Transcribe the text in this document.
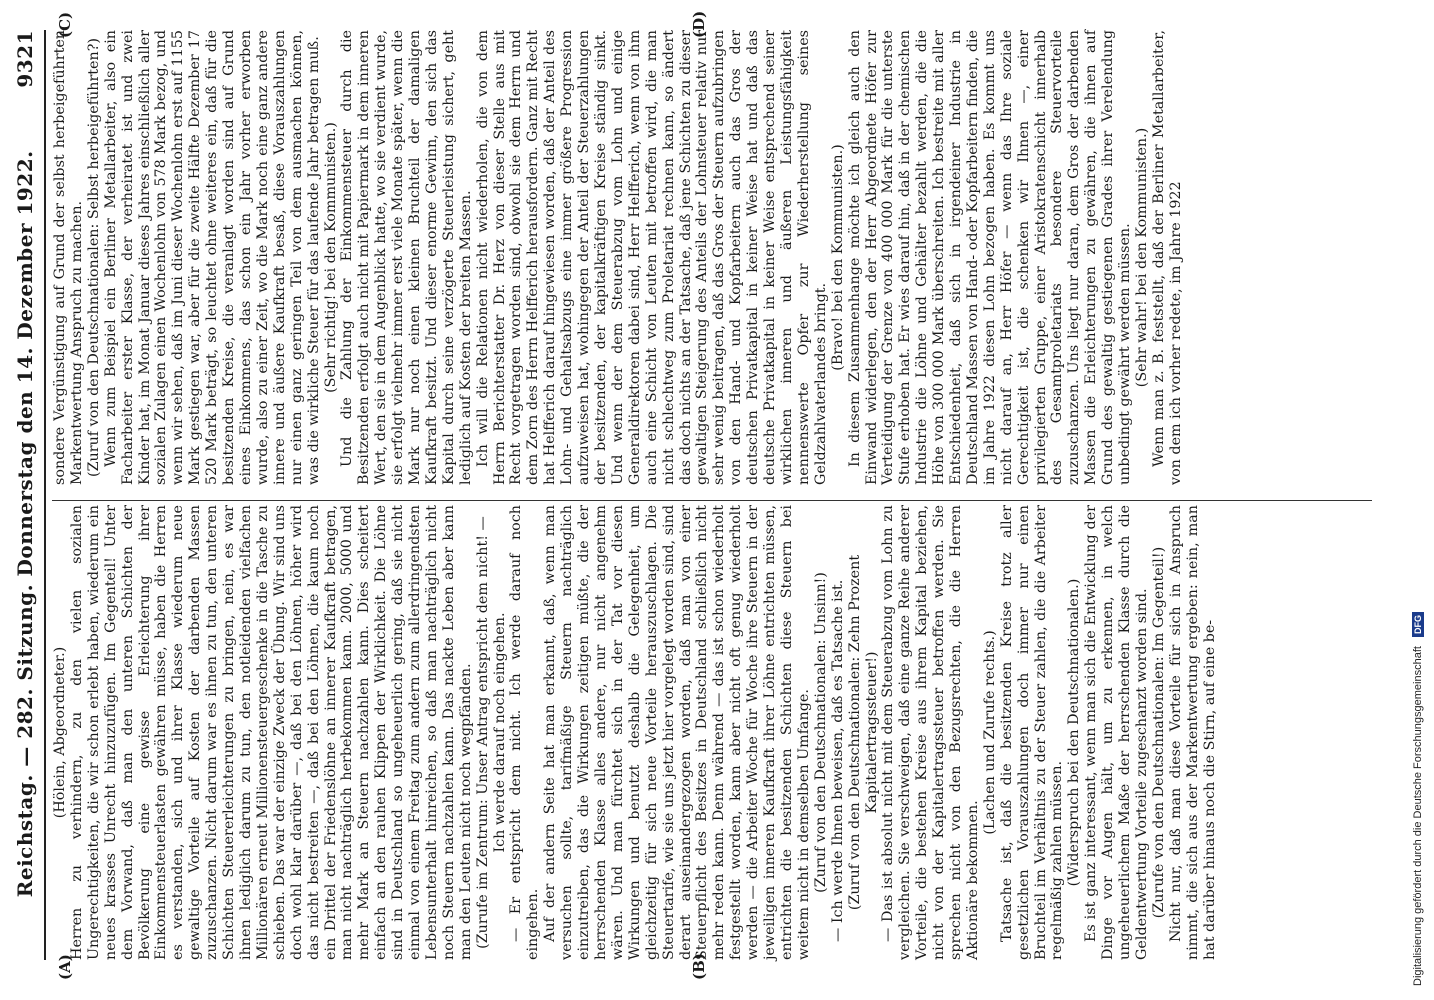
Reichstag. — 282. Sitzung. Donnerstag den 14. Dezember 1922.
9321
(A)	(B)
(C)	(D)

(Hölein, Abgeordneter.) Herren zu verhindern, zu den vielen sozialen Ungerechtigkeiten, die wir schon erlebt haben, wiederum ein neues krasses Unrecht hinzuzufügen. Im Gegenteil! Unter dem Vorwand, daß man den unteren Schichten der Bevölkerung eine gewisse Erleichterung ihrer Einkommensteuerlasten gewähren müsse, haben die Herren es verstanden, sich und ihrer Klasse wiederum neue gewaltige Vorteile auf Kosten der darbenden Massen zuzuschanzen. Nicht darum war es ihnen zu tun, den unteren Schichten Steuererleichterungen zu bringen, nein, es war ihnen lediglich darum zu tun, den notleidenden vielfachen Millionären erneut Millionensteuergeschenke in die Tasche zu schieben. Das war der einzige Zweck der Übung. Wir sind uns doch wohl klar darüber —, daß bei den Löhnen, höher wird das nicht bestreiten —, daß bei den Löhnen, die kaum noch ein Drittel der Friedenslöhne an innerer Kaufkraft betragen, man nicht nachträglich herbekommen kann. 2000, 5000 und mehr Mark an Steuern nachzahlen kann. Dies scheitert einfach an den rauhen Klippen der Wirklichkeit. Die Löhne sind in Deutschland so ungeheuerlich gering, daß sie nicht einmal von einem Freitag zum andern zum allerdringendsten Lebensunterhalt hinreichen, so daß man nachträglich nicht noch Steuern nachzahlen kann. Das nackte Leben aber kann man den Leuten nicht noch wegpfänden. (Zurufe im Zentrum: Unser Antrag entspricht dem nicht! — Ich werde darauf noch eingehen. — Er entspricht dem nicht. Ich werde darauf noch eingehen. Auf der andern Seite hat man erkannt, daß, wenn man versuchen sollte, tarifmäßige Steuern nachträglich einzutreiben, das die Wirkungen zeitigen müßte, die der herrschenden Klasse alles andere, nur nicht angenehm wären. Und man fürchtet sich in der Tat vor diesen Wirkungen und benutzt deshalb die Gelegenheit, um gleichzeitig für sich neue Vorteile herauszuschlagen. Die Steuertarife, wie sie uns jetzt hier vorgelegt worden sind, sind derart auseinandergezogen worden, daß man von einer Steuerpflicht des Besitzes in Deutschland schließlich nicht mehr reden kann. Denn während — das ist schon wiederholt festgestellt worden, kann aber nicht oft genug wiederholt werden — die Arbeiter Woche für Woche ihre Steuern in der jeweiligen inneren Kaufkraft ihrer Löhne entrichten müssen, entrichten die besitzenden Schichten diese Steuern bei weitem nicht in demselben Umfange. (Zuruf von den Deutschnationalen: Unsinn!) — Ich werde Ihnen beweisen, daß es Tatsache ist. (Zuruf von den Deutschnationalen: Zehn Prozent Kapitalertragssteuer!) — Das ist absolut nicht mit dem Steuerabzug vom Lohn zu vergleichen. Sie verschweigen, daß eine ganze Reihe anderer Vorteile, die bestehen Kreise aus ihrem Kapital beziehen, nicht von der Kapitalertragssteuer betroffen werden. Sie sprechen nicht von den Bezugsrechten, die die Herren Aktionäre bekommen.

(Lachen und Zurufe rechts.) Tatsache ist, daß die besitzenden Kreise trotz aller gesetzlichen Vorauszahlungen doch immer nur einen Bruchteil im Verhältnis zu der Steuer zahlen, die die Arbeiter regelmäßig zahlen müssen. (Widerspruch bei den Deutschnationalen.) Es ist ganz interessant, wenn man sich die Entwicklung der Dinge vor Augen hält, um zu erkennen, in welch ungeheuerlichem Maße der herrschenden Klasse durch die Geldentwertung Vorteile zugeschanzt worden sind. (Zurufe von den Deutschnationalen: Im Gegenteil!) Nicht nur, daß man diese Vorteile für sich in Anspruch nimmt, die sich aus der Markentwertung ergeben: nein, man hat darüber hinaus noch die Stirn, auf eine be-

sondere Vergünstigung auf Grund der selbst herbeigeführten Markentwertung Anspruch zu machen. (Zuruf von den Deutschnationalen: Selbst herbeigeführten?) Wenn zum Beispiel ein Berliner Metallarbeiter, also ein Facharbeiter erster Klasse, der verheiratet ist und zwei Kinder hat, im Monat Januar dieses Jahres einschließlich aller sozialen Zulagen einen Wochenlohn von 578 Mark bezog, und wenn wir sehen, daß im Juni dieser Wochenlohn erst auf 1155 Mark gestiegen war, aber für die zweite Hälfte Dezember 17 520 Mark beträgt, so leuchtet ohne weiteres ein, daß für die besitzenden Kreise, die veranlagt worden sind auf Grund eines Einkommens, das schon ein Jahr vorher erworben wurde, also zu einer Zeit, wo die Mark noch eine ganz andere innere und äußere Kaufkraft besaß, diese Vorauszahlungen nur einen ganz geringen Teil von dem ausmachen können, was die wirkliche Steuer für das laufende Jahr betragen muß. (Sehr richtig! bei den Kommunisten.) Und die Zahlung der Einkommensteuer durch die Besitzenden erfolgt auch nicht mit Papiermark in dem inneren Wert, den sie in dem Augenblick hatte, wo sie verdient wurde, sie erfolgt vielmehr immer erst viele Monate später, wenn die Mark nur noch einen kleinen Bruchteil der damaligen Kaufkraft besitzt. Und dieser enorme Gewinn, den sich das Kapital durch seine verzögerte Steuerleistung sichert, geht lediglich auf Kosten der breiten Massen. Ich will die Relationen nicht wiederholen, die von dem Herrn Berichterstatter Dr. Herz von dieser Stelle aus mit Recht vorgetragen worden sind, obwohl sie dem Herrn und dem Zorn des Herrn Helfferich herausfordern. Ganz mit Recht hat Helfferich darauf hingewiesen worden, daß der Anteil des Lohn- und Gehaltsabzugs eine immer größere Progression aufzuweisen hat, wohingegen der Anteil der Steuerzahlungen der besitzenden, der kapitalkräftigen Kreise ständig sinkt. Und wenn der dem Steuerabzug vom Lohn und einige Generaldirektoren dabei sind, Herr Helfferich, wenn von ihm auch eine Schicht von Leuten mit betroffen wird, die man nicht schlechtweg zum Proletariat rechnen kann, so ändert das doch nichts an der Tatsache, daß jene Schichten zu dieser gewaltigen Steigerung des Anteils der Lohnsteuer relativ nur sehr wenig beitragen, daß das Gros der Steuern aufzubringen von den Hand- und Kopfarbeitern auch das Gros der deutschen Privatkapital in keiner Weise hat und daß das deutsche Privatkapital in keiner Weise entsprechend seiner wirklichen inneren und äußeren Leistungsfähigkeit nennenswerte Opfer zur Wiederherstellung seines Geldzahlvaterlandes bringt.

(Bravo! bei den Kommunisten.) In diesem Zusammenhange möchte ich gleich auch den Einwand widerlegen, den der Herr Abgeordnete Höfer zur Verteidigung der Grenze von 400 000 Mark für die unterste Stufe erhoben hat. Er wies darauf hin, daß in der chemischen Industrie die Löhne und Gehälter bezahlt werden, die die Höhe von 300 000 Mark überschreiten. Ich bestreite mit aller Entschiedenheit, daß sich in irgendeiner Industrie in Deutschland Massen von Hand- oder Kopfarbeitern finden, die im Jahre 1922 diesen Lohn bezogen haben. Es kommt uns nicht darauf an, Herr Höfer — wenn das Ihre soziale Gerechtigkeit ist, die schenken wir Ihnen —, einer privilegierten Gruppe, einer Aristokratenschicht innerhalb des Gesamtproletariats besondere Steuervorteile zuzuschanzen. Uns liegt nur daran, dem Gros der darbenden Massen die Erleichterungen zu gewähren, die ihnen auf Grund des gewaltig gestiegenen Grades ihrer Verelendung unbedingt gewährt werden müssen. (Sehr wahr! bei den Kommunisten.) Wenn man z. B. feststellt, daß der Berliner Metallarbeiter, von dem ich vorher redete, im Jahre 1922

Digitalisierung gefördert durch die Deutsche Forschungsgemeinschaft DFG
